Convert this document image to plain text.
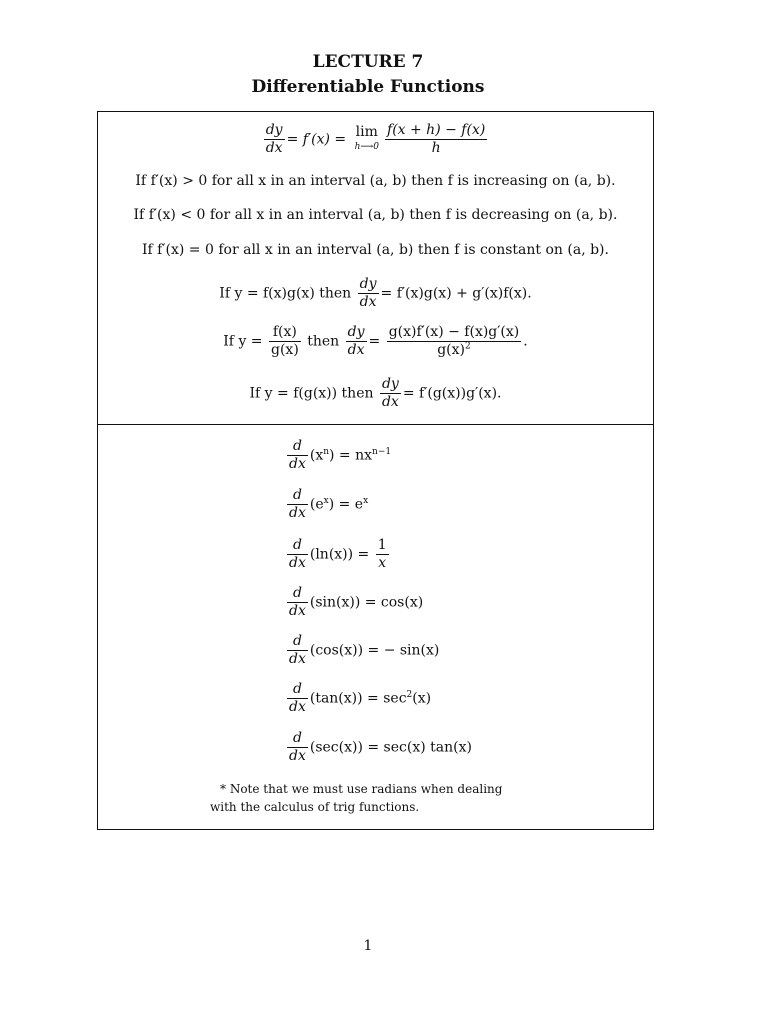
LECTURE 7
Differentiable Functions
$\frac{dy}{dx} = f'(x) = \lim$
h⟶0 $\frac{f(x + h) - f(x)}{h}$
If f′(x) > 0 for all x in an interval (a, b) then f is increasing on (a, b).
If f′(x) < 0 for all x in an interval (a, b) then f is decreasing on (a, b).
If f′(x) = 0 for all x in an interval (a, b) then f is constant on (a, b).
If y = f(x)g(x) then $\frac{dy}{dx} = f'(x)g(x) + g'(x)f(x)$.
If $y = \frac{f(x)}{g(x)}$ then $\frac{dy}{dx} = \frac{g(x)f'(x) - f(x)g'(x)}{g(x)^2}$ .
If y = f(g(x)) then $\frac{dy}{dx} = f'(g(x))g'(x)$.
$\frac{d}{dx} (x^n) = nx^{n-1}$
$\frac{d}{dx} (e^x) = e^x$
$\frac{d}{dx} (\ln(x)) = \frac{1}{x}$
$\frac{d}{dx} (\sin(x)) = \cos(x)$
$\frac{d}{dx} (\cos(x))$ = − sin(x)
$\frac{d}{dx} (\tan(x)) = \sec^2(x)$
$\frac{d}{dx} (\sec(x)) = \sec(x)$ tan(x)
* Note that we must use radians when dealing
with the calculus of trig functions.
1
